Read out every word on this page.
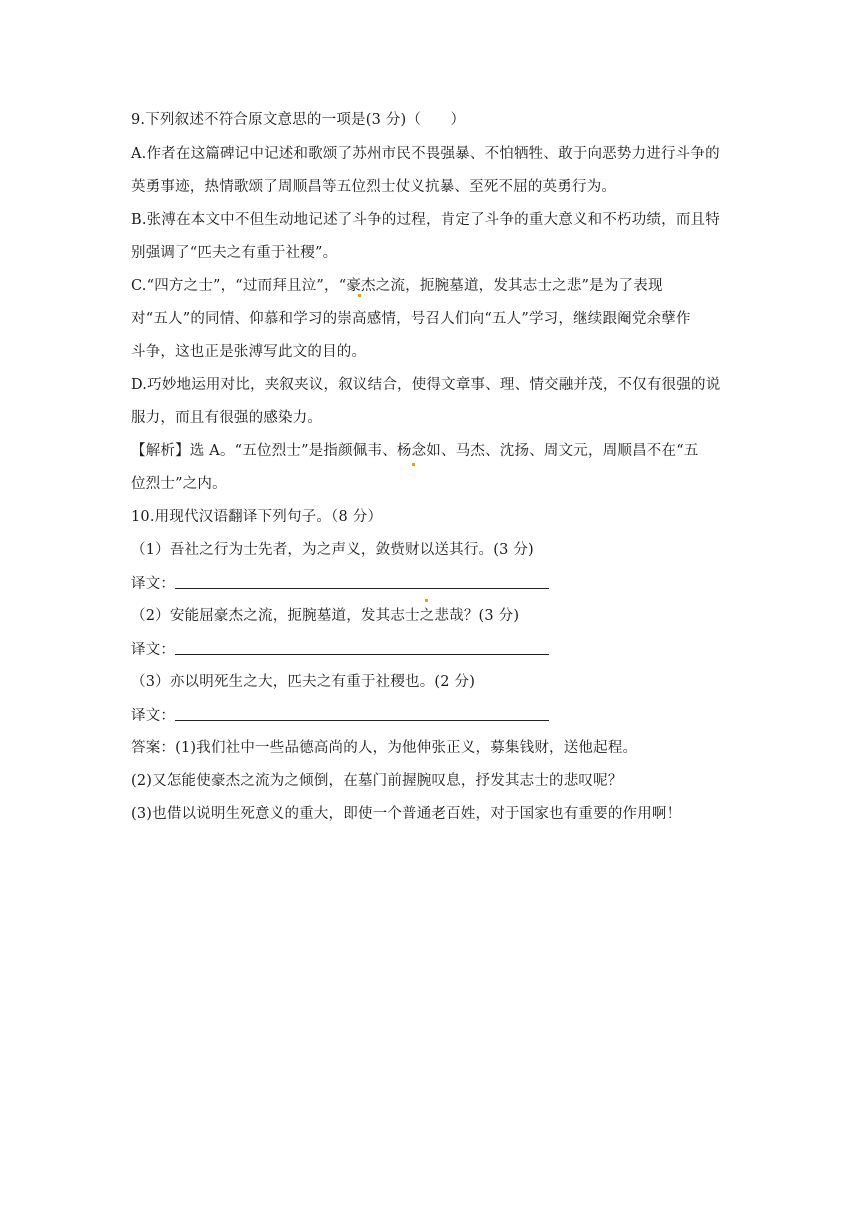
9.下列叙述不符合原文意思的一项是(3 分)（　　）
A.作者在这篇碑记中记述和歌颂了苏州市民不畏强暴、不怕牺牲、敢于向恶势力进行斗争的
英勇事迹，热情歌颂了周顺昌等五位烈士仗义抗暴、至死不屈的英勇行为。
B.张溥在本文中不但生动地记述了斗争的过程，肯定了斗争的重大意义和不朽功绩，而且特
别强调了“匹夫之有重于社稷”。
C.“四方之士”，“过而拜且泣”，“豪杰之流，扼腕墓道，发其志士之悲”是为了表现
对“五人”的同情、仰慕和学习的崇高感情，号召人们向“五人”学习，继续跟阉党余孽作
斗争，这也正是张溥写此文的目的。
D.巧妙地运用对比，夹叙夹议，叙议结合，使得文章事、理、情交融并茂，不仅有很强的说
服力，而且有很强的感染力。
【解析】选 A。“五位烈士”是指颜佩韦、杨念如、马杰、沈扬、周文元，周顺昌不在“五
位烈士”之内。
10.用现代汉语翻译下列句子。（8 分）
（1）吾社之行为士先者，为之声义，敛赀财以送其行。(3 分)
译文：
（2）安能屈豪杰之流，扼腕墓道，发其志士之悲哉？(3 分)
译文：
（3）亦以明死生之大，匹夫之有重于社稷也。(2 分)
译文：
答案：(1)我们社中一些品德高尚的人，为他伸张正义，募集钱财，送他起程。
(2)又怎能使豪杰之流为之倾倒，在墓门前握腕叹息，抒发其志士的悲叹呢？
(3)也借以说明生死意义的重大，即使一个普通老百姓，对于国家也有重要的作用啊！
